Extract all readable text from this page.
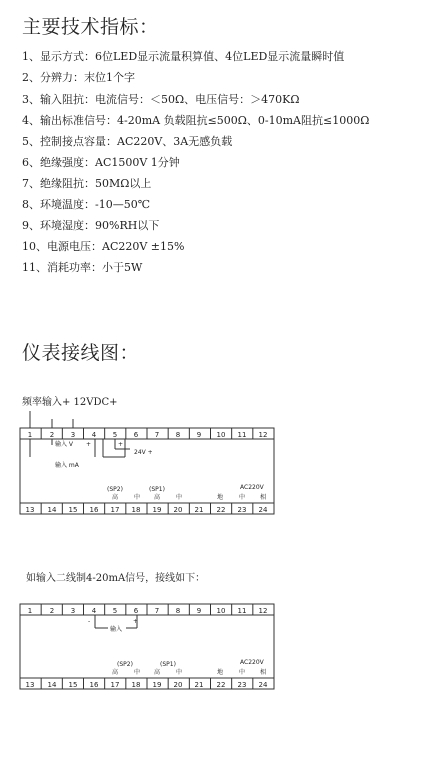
主要技术指标：
1、显示方式：6位LED显示流量积算值、4位LED显示流量瞬时值
2、分辨力：末位1个字
3、输入阻抗：电流信号：＜50Ω、电压信号：＞470KΩ
4、输出标准信号：4-20mA 负载阻抗≤500Ω、0-10mA阻抗≤1000Ω
5、控制接点容量：AC220V、3A无感负载
6、绝缘强度：AC1500V 1分钟
7、绝缘阻抗：50MΩ以上
8、环境温度：-10—50℃
9、环境湿度：90%RH以下
10、电源电压：AC220V ±15%
11、消耗功率：小于5W
仪表接线图：
频率输入+ 12VDC+
1	2 3 4 5 6 7 8 9 10 11 12
输入 V +	+
24V +
输入 mA
(SP2)	(SP1)
高	中 高	中	地
AC220V
中 相
13 14 15 16 17 18 19 20 21 22 23 24
如输入二线制4-20mA信号，接线如下：
1	2 3 4 5 6 7 8 9 10 11 12
-	+
输入
(SP2)	(SP1)
高	中 高	中	地
AC220V
中 相
13 14 15 16 17 18 19 20 21 22 23 24
